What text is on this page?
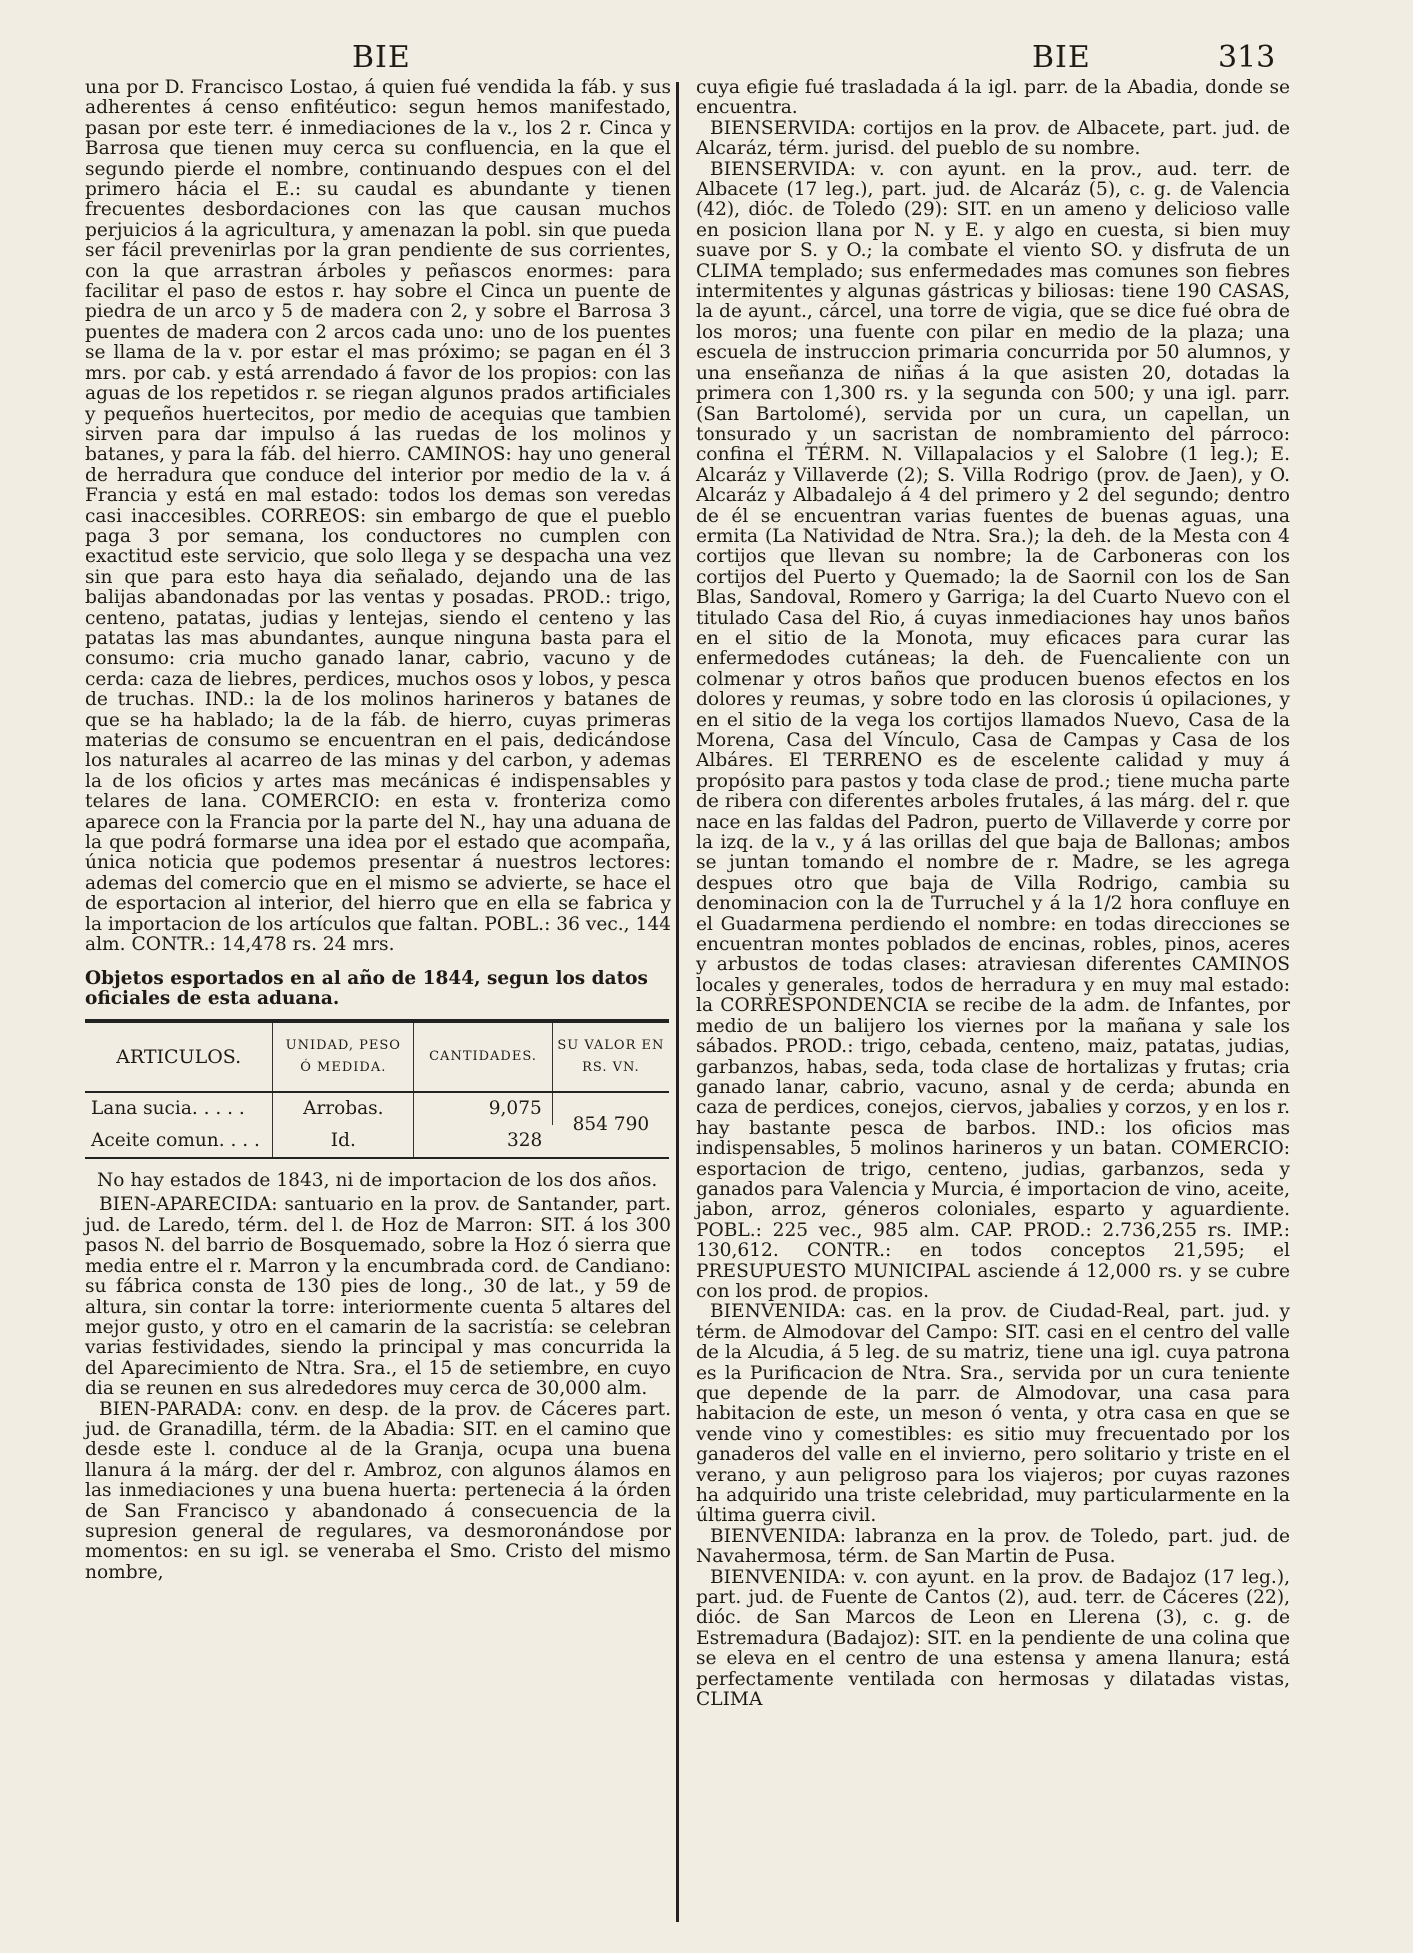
BIE	BIE	313

una por D. Francisco Lostao, á quien fué vendida la fáb. y sus adherentes á censo enfitéutico: segun hemos manifestado, pasan por este terr. é inmediaciones de la v., los 2 r. Cinca y Barrosa que tienen muy cerca su confluencia, en la que el segundo pierde el nombre, continuando despues con el del primero hácia el E.: su caudal es abundante y tienen frecuentes desbordaciones con las que causan muchos perjuicios á la agricultura, y amenazan la pobl. sin que pueda ser fácil prevenirlas por la gran pendiente de sus corrientes, con la que arrastran árboles y peñascos enormes: para facilitar el paso de estos r. hay sobre el Cinca un puente de piedra de un arco y 5 de madera con 2, y sobre el Barrosa 3 puentes de madera con 2 arcos cada uno: uno de los puentes se llama de la v. por estar el mas próximo; se pagan en él 3 mrs. por cab. y está arrendado á favor de los propios: con las aguas de los repetidos r. se riegan algunos prados artificiales y pequeños huertecitos, por medio de acequias que tambien sirven para dar impulso á las ruedas de los molinos y batanes, y para la fáb. del hierro. CAMINOS: hay uno general de herradura que conduce del interior por medio de la v. á Francia y está en mal estado: todos los demas son veredas casi inaccesibles. CORREOS: sin embargo de que el pueblo paga 3 por semana, los conductores no cumplen con exactitud este servicio, que solo llega y se despacha una vez sin que para esto haya dia señalado, dejando una de las balijas abandonadas por las ventas y posadas. PROD.: trigo, centeno, patatas, judias y lentejas, siendo el centeno y las patatas las mas abundantes, aunque ninguna basta para el consumo: cria mucho ganado lanar, cabrio, vacuno y de cerda: caza de liebres, perdices, muchos osos y lobos, y pesca de truchas. IND.: la de los molinos harineros y batanes de que se ha hablado; la de la fáb. de hierro, cuyas primeras materias de consumo se encuentran en el pais, dedicándose los naturales al acarreo de las minas y del carbon, y ademas la de los oficios y artes mas mecánicas é indispensables y telares de lana. COMERCIO: en esta v. fronteriza como aparece con la Francia por la parte del N., hay una aduana de la que podrá formarse una idea por el estado que acompaña, única noticia que podemos presentar á nuestros lectores: ademas del comercio que en el mismo se advierte, se hace el de esportacion al interior, del hierro que en ella se fabrica y la importacion de los artículos que faltan. POBL.: 36 vec., 144 alm. CONTR.: 14,478 rs. 24 mrs.

Objetos esportados en al año de 1844, segun los datos oficiales de esta aduana.
ARTICULOS.	UNIDAD, PESO Ó MEDIDA.	CANTIDADES.	SU VALOR EN RS. VN.
Lana sucia. . . . .	Arrobas.	9,075	854 790
Aceite comun. . . .	Id.	328	

No hay estados de 1843, ni de importacion de los dos años.

BIEN-APARECIDA: santuario en la prov. de Santander, part. jud. de Laredo, térm. del l. de Hoz de Marron: SIT. á los 300 pasos N. del barrio de Bosquemado, sobre la Hoz ó sierra que media entre el r. Marron y la encumbrada cord. de Candiano: su fábrica consta de 130 pies de long., 30 de lat., y 59 de altura, sin contar la torre: interiormente cuenta 5 altares del mejor gusto, y otro en el camarin de la sacristía: se celebran varias festividades, siendo la principal y mas concurrida la del Aparecimiento de Ntra. Sra., el 15 de setiembre, en cuyo dia se reunen en sus alrededores muy cerca de 30,000 alm.

BIEN-PARADA: conv. en desp. de la prov. de Cáceres part. jud. de Granadilla, térm. de la Abadia: SIT. en el camino que desde este l. conduce al de la Granja, ocupa una buena llanura á la márg. der del r. Ambroz, con algunos álamos en las inmediaciones y una buena huerta: pertenecia á la órden de San Francisco y abandonado á consecuencia de la supresion general de regulares, va desmoronándose por momentos: en su igl. se veneraba el Smo. Cristo del mismo nombre,

cuya efigie fué trasladada á la igl. parr. de la Abadia, donde se encuentra.

BIENSERVIDA: cortijos en la prov. de Albacete, part. jud. de Alcaráz, térm. jurisd. del pueblo de su nombre.

BIENSERVIDA: v. con ayunt. en la prov., aud. terr. de Albacete (17 leg.), part. jud. de Alcaráz (5), c. g. de Valencia (42), dióc. de Toledo (29): SIT. en un ameno y delicioso valle en posicion llana por N. y E. y algo en cuesta, si bien muy suave por S. y O.; la combate el viento SO. y disfruta de un CLIMA templado; sus enfermedades mas comunes son fiebres intermitentes y algunas gástricas y biliosas: tiene 190 CASAS, la de ayunt., cárcel, una torre de vigia, que se dice fué obra de los moros; una fuente con pilar en medio de la plaza; una escuela de instruccion primaria concurrida por 50 alumnos, y una enseñanza de niñas á la que asisten 20, dotadas la primera con 1,300 rs. y la segunda con 500; y una igl. parr. (San Bartolomé), servida por un cura, un capellan, un tonsurado y un sacristan de nombramiento del párroco: confina el TÉRM. N. Villapalacios y el Salobre (1 leg.); E. Alcaráz y Villaverde (2); S. Villa Rodrigo (prov. de Jaen), y O. Alcaráz y Albadalejo á 4 del primero y 2 del segundo; dentro de él se encuentran varias fuentes de buenas aguas, una ermita (La Natividad de Ntra. Sra.); la deh. de la Mesta con 4 cortijos que llevan su nombre; la de Carboneras con los cortijos del Puerto y Quemado; la de Saornil con los de San Blas, Sandoval, Romero y Garriga; la del Cuarto Nuevo con el titulado Casa del Rio, á cuyas inmediaciones hay unos baños en el sitio de la Monota, muy eficaces para curar las enfermedodes cutáneas; la deh. de Fuencaliente con un colmenar y otros baños que producen buenos efectos en los dolores y reumas, y sobre todo en las clorosis ú opilaciones, y en el sitio de la vega los cortijos llamados Nuevo, Casa de la Morena, Casa del Vínculo, Casa de Campas y Casa de los Albáres. El TERRENO es de escelente calidad y muy á propósito para pastos y toda clase de prod.; tiene mucha parte de ribera con diferentes arboles frutales, á las márg. del r. que nace en las faldas del Padron, puerto de Villaverde y corre por la izq. de la v., y á las orillas del que baja de Ballonas; ambos se juntan tomando el nombre de r. Madre, se les agrega despues otro que baja de Villa Rodrigo, cambia su denominacion con la de Turruchel y á la 1/2 hora confluye en el Guadarmena perdiendo el nombre: en todas direcciones se encuentran montes poblados de encinas, robles, pinos, aceres y arbustos de todas clases: atraviesan diferentes CAMINOS locales y generales, todos de herradura y en muy mal estado: la CORRESPONDENCIA se recibe de la adm. de Infantes, por medio de un balijero los viernes por la mañana y sale los sábados. PROD.: trigo, cebada, centeno, maiz, patatas, judias, garbanzos, habas, seda, toda clase de hortalizas y frutas; cria ganado lanar, cabrio, vacuno, asnal y de cerda; abunda en caza de perdices, conejos, ciervos, jabalies y corzos, y en los r. hay bastante pesca de barbos. IND.: los oficios mas indispensables, 5 molinos harineros y un batan. COMERCIO: esportacion de trigo, centeno, judias, garbanzos, seda y ganados para Valencia y Murcia, é importacion de vino, aceite, jabon, arroz, géneros coloniales, esparto y aguardiente. POBL.: 225 vec., 985 alm. CAP. PROD.: 2.736,255 rs. IMP.: 130,612. CONTR.: en todos conceptos 21,595; el PRESUPUESTO MUNICIPAL asciende á 12,000 rs. y se cubre con los prod. de propios.

BIENVENIDA: cas. en la prov. de Ciudad-Real, part. jud. y térm. de Almodovar del Campo: SIT. casi en el centro del valle de la Alcudia, á 5 leg. de su matriz, tiene una igl. cuya patrona es la Purificacion de Ntra. Sra., servida por un cura teniente que depende de la parr. de Almodovar, una casa para habitacion de este, un meson ó venta, y otra casa en que se vende vino y comestibles: es sitio muy frecuentado por los ganaderos del valle en el invierno, pero solitario y triste en el verano, y aun peligroso para los viajeros; por cuyas razones ha adquirido una triste celebridad, muy particularmente en la última guerra civil.

BIENVENIDA: labranza en la prov. de Toledo, part. jud. de Navahermosa, térm. de San Martin de Pusa.

BIENVENIDA: v. con ayunt. en la prov. de Badajoz (17 leg.), part. jud. de Fuente de Cantos (2), aud. terr. de Cáceres (22), dióc. de San Marcos de Leon en Llerena (3), c. g. de Estremadura (Badajoz): SIT. en la pendiente de una colina que se eleva en el centro de una estensa y amena llanura; está perfectamente ventilada con hermosas y dilatadas vistas, CLIMA
